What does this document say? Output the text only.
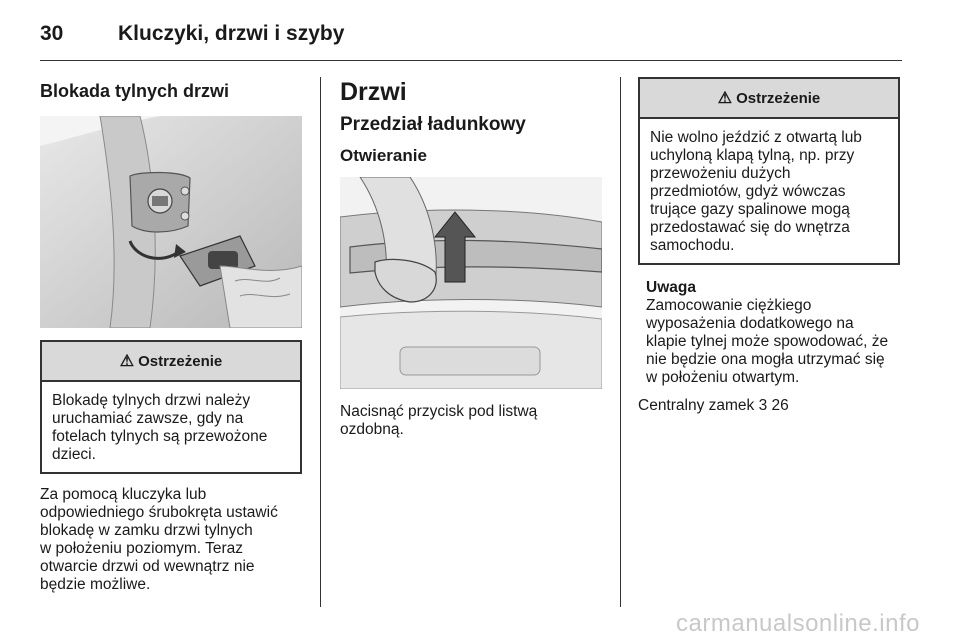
30	Kluczyki, drzwi i szyby
Blokada tylnych drzwi
⚠ Ostrzeżenie

Blokadę tylnych drzwi należy

uruchamiać zawsze, gdy na

fotelach tylnych są przewożone

dzieci.

Za pomocą kluczyka lub

odpowiedniego śrubokręta ustawić

blokadę w zamku drzwi tylnych

w położeniu poziomym. Teraz

otwarcie drzwi od wewnątrz nie

będzie możliwe.

Drzwi
Przedział ładunkowy
Otwieranie

Nacisnąć przycisk pod listwą

ozdobną.

⚠ Ostrzeżenie

Nie wolno jeździć z otwartą lub

uchyloną klapą tylną, np. przy

przewożeniu dużych

przedmiotów, gdyż wówczas

trujące gazy spalinowe mogą

przedostawać się do wnętrza

samochodu.

Uwaga

Zamocowanie ciężkiego

wyposażenia dodatkowego na

klapie tylnej może spowodować, że

nie będzie ona mogła utrzymać się

w położeniu otwartym.

Centralny zamek 3 26

carmanualsonline.info
